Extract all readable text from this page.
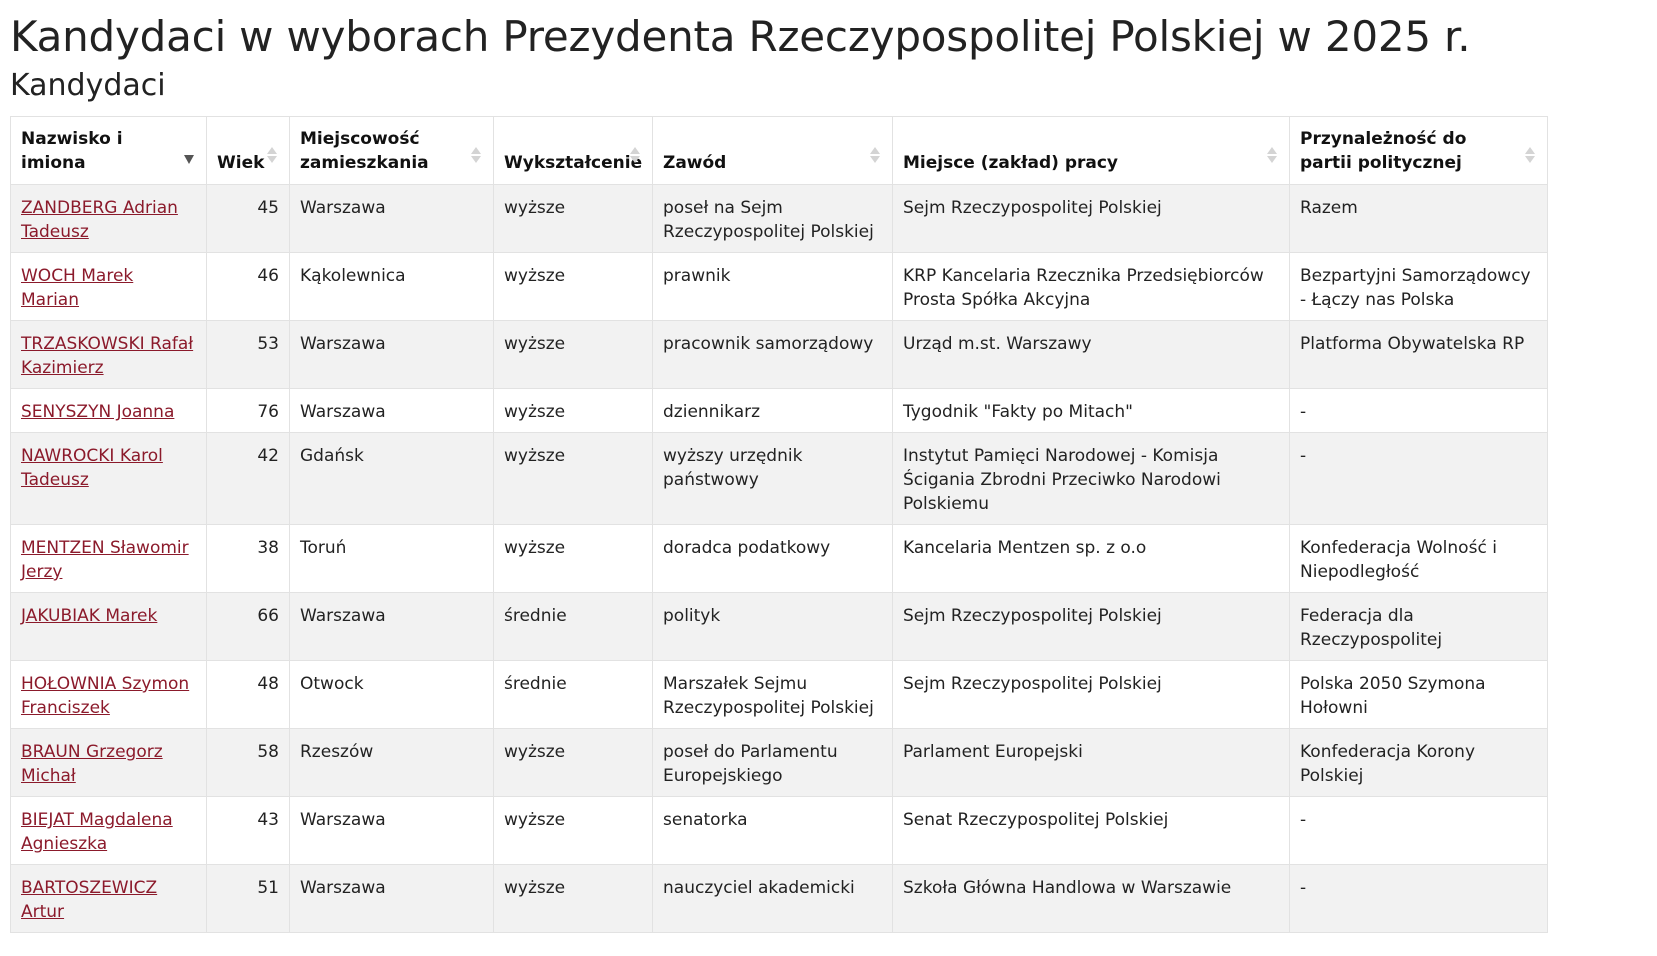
Kandydaci w wyborach Prezydenta Rzeczypospolitej Polskiej w 2025 r.
Kandydaci
Nazwisko i imiona	Wiek	Miejscowość zamieszkania	Wykształcenie	Zawód	Miejsce (zakład) pracy	Przynależność do partii politycznej

ZANDBERG Adrian Tadeusz	45	Warszawa	wyższe	poseł na Sejm Rzeczypospolitej Polskiej	Sejm Rzeczypospolitej Polskiej	Razem
WOCH Marek Marian	46	Kąkolewnica	wyższe	prawnik	KRP Kancelaria Rzecznika Przedsiębiorców Prosta Spółka Akcyjna	Bezpartyjni Samorządowcy - Łączy nas Polska
TRZASKOWSKI Rafał Kazimierz	53	Warszawa	wyższe	pracownik samorządowy	Urząd m.st. Warszawy	Platforma Obywatelska RP
SENYSZYN Joanna	76	Warszawa	wyższe	dziennikarz	Tygodnik "Fakty po Mitach"	-
NAWROCKI Karol Tadeusz	42	Gdańsk	wyższe	wyższy urzędnik państwowy	Instytut Pamięci Narodowej - Komisja Ścigania Zbrodni Przeciwko Narodowi Polskiemu	-
MENTZEN Sławomir Jerzy	38	Toruń	wyższe	doradca podatkowy	Kancelaria Mentzen sp. z o.o	Konfederacja Wolność i Niepodległość
JAKUBIAK Marek	66	Warszawa	średnie	polityk	Sejm Rzeczypospolitej Polskiej	Federacja dla Rzeczypospolitej
HOŁOWNIA Szymon Franciszek	48	Otwock	średnie	Marszałek Sejmu Rzeczypospolitej Polskiej	Sejm Rzeczypospolitej Polskiej	Polska 2050 Szymona Hołowni
BRAUN Grzegorz Michał	58	Rzeszów	wyższe	poseł do Parlamentu Europejskiego	Parlament Europejski	Konfederacja Korony Polskiej
BIEJAT Magdalena Agnieszka	43	Warszawa	wyższe	senatorka	Senat Rzeczypospolitej Polskiej	-
BARTOSZEWICZ Artur	51	Warszawa	wyższe	nauczyciel akademicki	Szkoła Główna Handlowa w Warszawie	-
